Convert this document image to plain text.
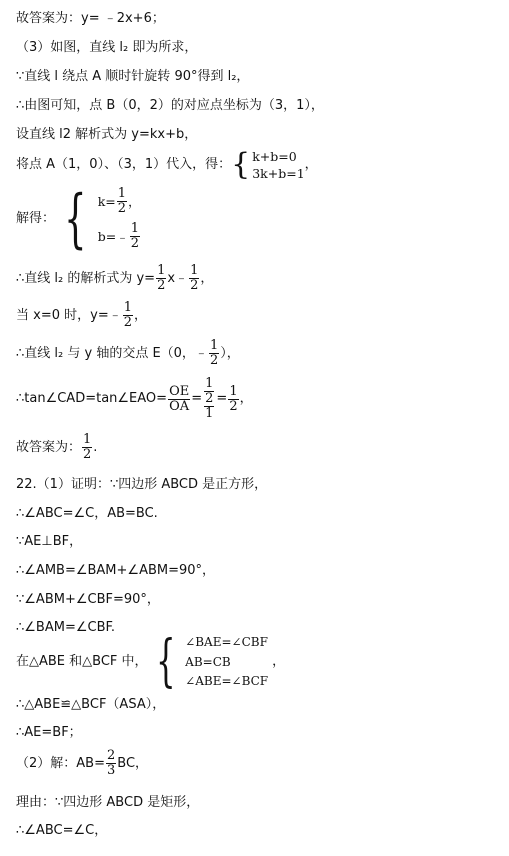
故答案为：y= ﹣2x+6；
（3）如图，直线 l₂ 即为所求，
∵直线 l 绕点 A 顺时针旋转 90°得到 l₂，
∴由图可知，点 B（0，2）的对应点坐标为（3，1），
设直线 l2 解析式为 y=kx+b，
将点 A（1，0）、（3，1）代入，得： { k+b=0
3k+b=1
，
解得： { $k= \frac{1}{2}$ ，
b=﹣ $\frac{1}{2}$
∴直线 l₂ 的解析式为 $y= \frac{1}{2}$ x﹣ $\frac{1}{2}$ ，
当 x=0 时，y=﹣ $\frac{1}{2}$ ，
∴直线 l₂ 与 y 轴的交点 E（0，﹣ $\frac{1}{2}$ ），
∴tan∠CAD=tan∠EAO= $\frac{OE}{OA}$ =
1
2
1
= $\frac{1}{2}$ ，
故答案为： $\frac{1}{2}$ .
22.（1）证明：∵四边形 ABCD 是正方形，
∴∠ABC=∠C，AB=BC.
∵AE⊥BF，
∴∠AMB=∠BAM+∠ABM=90°，
∵∠ABM+∠CBF=90°，
∴∠BAM=∠CBF.
在△ABE 和△BCF 中， { ∠BAE=∠CBF
AB=CB
∠ABE=∠BCF
，
∴△ABE≌△BCF（ASA），
∴AE=BF；
（2）解：$AB= \frac{2}{3}$ BC，
理由：∵四边形 ABCD 是矩形，
∴∠ABC=∠C，
